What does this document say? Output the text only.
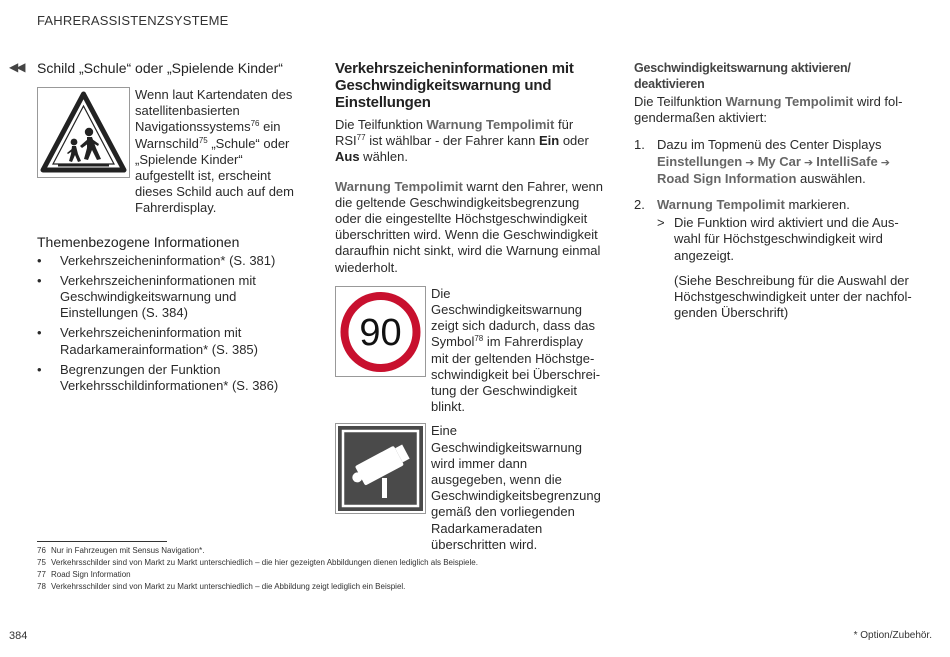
FAHRERASSISTENZSYSTEME
◀◀ Schild „Schule“ oder „Spielende Kinder“

Wenn laut Kartendaten des satellitenbasierten Navigationssystems$^{76}$ ein Warnschild$^{75}$ „Schule“ oder „Spielende Kinder“ aufgestellt ist, erscheint dieses Schild auch auf dem Fahrerdisplay.

Themenbezogene Informationen
• Verkehrszeicheninformation* (S. 381)
• Verkehrszeicheninformationen mit Geschwindigkeitswarnung und Einstellungen (S. 384)
• Verkehrszeicheninformation mit Radarkamerainformation* (S. 385)
• Begrenzungen der Funktion Verkehrsschildinformationen* (S. 386)
Verkehrszeicheninformationen mit Geschwindigkeitswarnung und Einstellungen

Die Teilfunktion Warnung Tempolimit für RSI$^{77}$ ist wählbar - der Fahrer kann Ein oder Aus wählen.

Warnung Tempolimit warnt den Fahrer, wenn die geltende Geschwindigkeitsbegrenzung oder die eingestellte Höchstgeschwindigkeit überschritten wird. Wenn die Geschwindigkeit daraufhin nicht sinkt, wird die Warnung einmal wiederholt.

90

Die Geschwindigkeitswarnung zeigt sich dadurch, dass das Symbol$^{78}$ im Fahrerdisplay mit der geltenden Höchstgeschwindigkeit bei Überschreitung der Geschwindigkeit blinkt.

Eine Geschwindigkeitswarnung wird immer dann ausgegeben, wenn die Geschwindigkeitsbegrenzung gemäß den vorliegenden Radarkameradaten überschritten wird.

Geschwindigkeitswarnung aktivieren/ deaktivieren

Die Teilfunktion Warnung Tempolimit wird folgendermaßen aktiviert:

1. Dazu im Topmenü des Center Displays
Einstellungen ➔ My Car ➔ IntelliSafe ➔ Road Sign Information auswählen.
2. Warnung Tempolimit markieren.
> Die Funktion wird aktiviert und die Auswahl für Höchstgeschwindigkeit wird angezeigt.

(Siehe Beschreibung für die Auswahl der Höchstgeschwindigkeit unter der nachfolgenden Überschrift)

76 Nur in Fahrzeugen mit Sensus Navigation*.
75 Verkehrsschilder sind von Markt zu Markt unterschiedlich – die hier gezeigten Abbildungen dienen lediglich als Beispiele.
77 Road Sign Information
78 Verkehrsschilder sind von Markt zu Markt unterschiedlich – die Abbildung zeigt lediglich ein Beispiel.
384	* Option/Zubehör.
